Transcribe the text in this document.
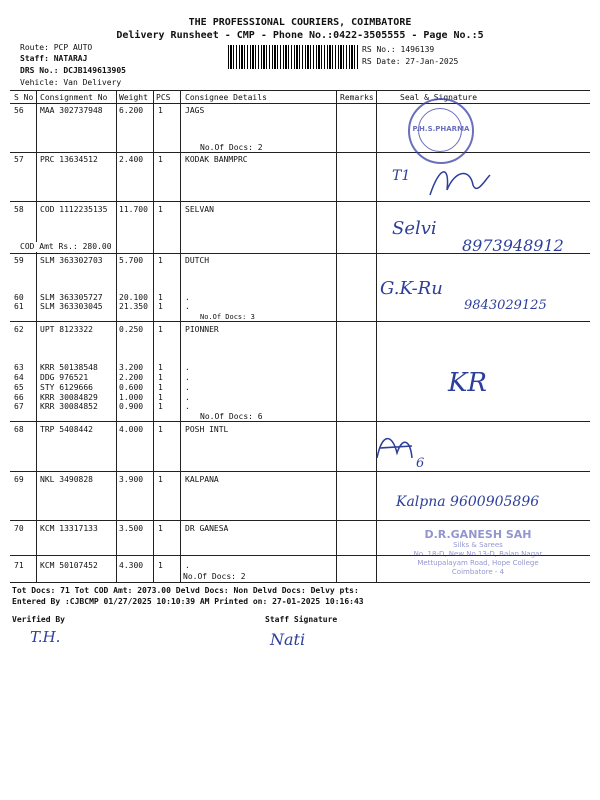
THE PROFESSIONAL COURIERS, COIMBATORE
Delivery Runsheet - CMP - Phone No.:0422-3505555 - Page No.:5
Route: PCP AUTO
Staff: NATARAJ
DRS No.: DCJB149613905
Vehicle: Van Delivery
RS No.: 1496139
RS Date: 27-Jan-2025
S No Consignment No Weight PCS Consignee Details	Remarks	Seal & Signature
56 MAA 302737948 6.200 1	JAGS
No.Of Docs: 2
57 PRC 13634512	2.400 1	KODAK BANMPRC
58 COD 1112235135 11.700 1	SELVAN
COD Amt Rs.: 280.00
59 SLM 363302703 5.700 1	DUTCH
60 SLM 363305727 20.100 1	.
61 SLM 363303045 21.350 1	.
No.Of Docs: 3
62 UPT 8123322	0.250 1	PIONNER
63 KRR 50138548	3.200 1	.
64 DDG 976521	2.200 1	.
65 STY 6129666	0.600 1	.
66 KRR 30084829	1.000 1	.
67 KRR 30084852	0.900 1	.
No.Of Docs: 6
68 TRP 5408442	4.000 1	POSH INTL
69 NKL 3490828	3.900 1	KALPANA
70 KCM 13317133	3.500 1	DR GANESA
71 KCM 50107452	4.300 1	.
No.Of Docs: 2
Tot Docs: 71 Tot COD Amt: 2073.00 Delvd Docs: Non Delvd Docs: Delvy pts:
Entered By :CJBCMP 01/27/2025 10:10:39 AM Printed on: 27-01-2025 10:16:43
Verified By	Staff Signature
P.H.S.PHARMA
D.R.GANESH SAH
Silks & Sarees
No. 18-D, New No.13-D, Balan Nagar
Mettupalayam Road, Hope College
Coimbatore - 4
T1
Selvi
8973948912
G.K-Ru
9843029125
KR
6
Kalpna 9600905896
T.H.	Nati
